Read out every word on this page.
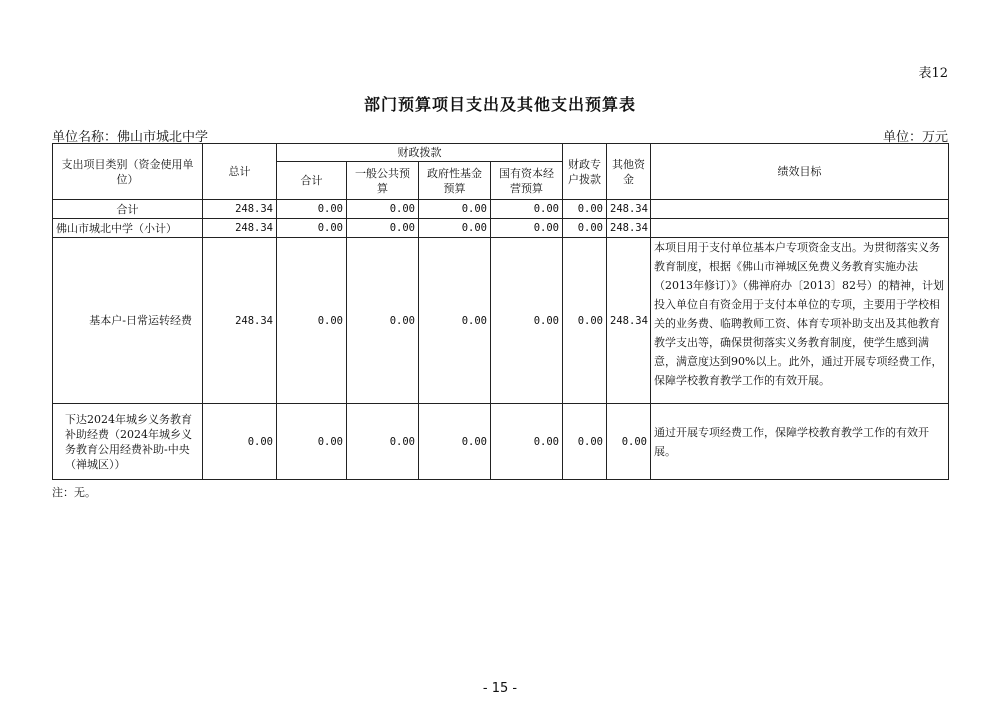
表12
部门预算项目支出及其他支出预算表
单位名称：佛山市城北中学	单位：万元
支出项目类别（资金使用单位）	总计	财政拨款				财政专户拨款	其他资金	绩效目标
		合计	一般公共预算	政府性基金预算	国有资本经营预算			
合计	248.34	0.00	0.00	0.00	0.00	0.00	248.34	
佛山市城北中学（小计）	248.34	0.00	0.00	0.00	0.00	0.00	248.34	
基本户-日常运转经费	248.34	0.00	0.00	0.00	0.00	0.00	248.34	本项目用于支付单位基本户专项资金支出。为贯彻落实义务教育制度，根据《佛山市禅城区免费义务教育实施办法（2013年修订）》（佛禅府办〔2013〕82号）的精神，计划投入单位自有资金用于支付本单位的专项，主要用于学校相关的业务费、临聘教师工资、体育专项补助支出及其他教育教学支出等，确保贯彻落实义务教育制度，使学生感到满意，满意度达到90%以上。此外，通过开展专项经费工作，保障学校教育教学工作的有效开展。
下达2024年城乡义务教育补助经费（2024年城乡义务教育公用经费补助-中央（禅城区））	0.00	0.00	0.00	0.00	0.00	0.00	0.00	通过开展专项经费工作，保障学校教育教学工作的有效开展。
注：无。
- 15 -
